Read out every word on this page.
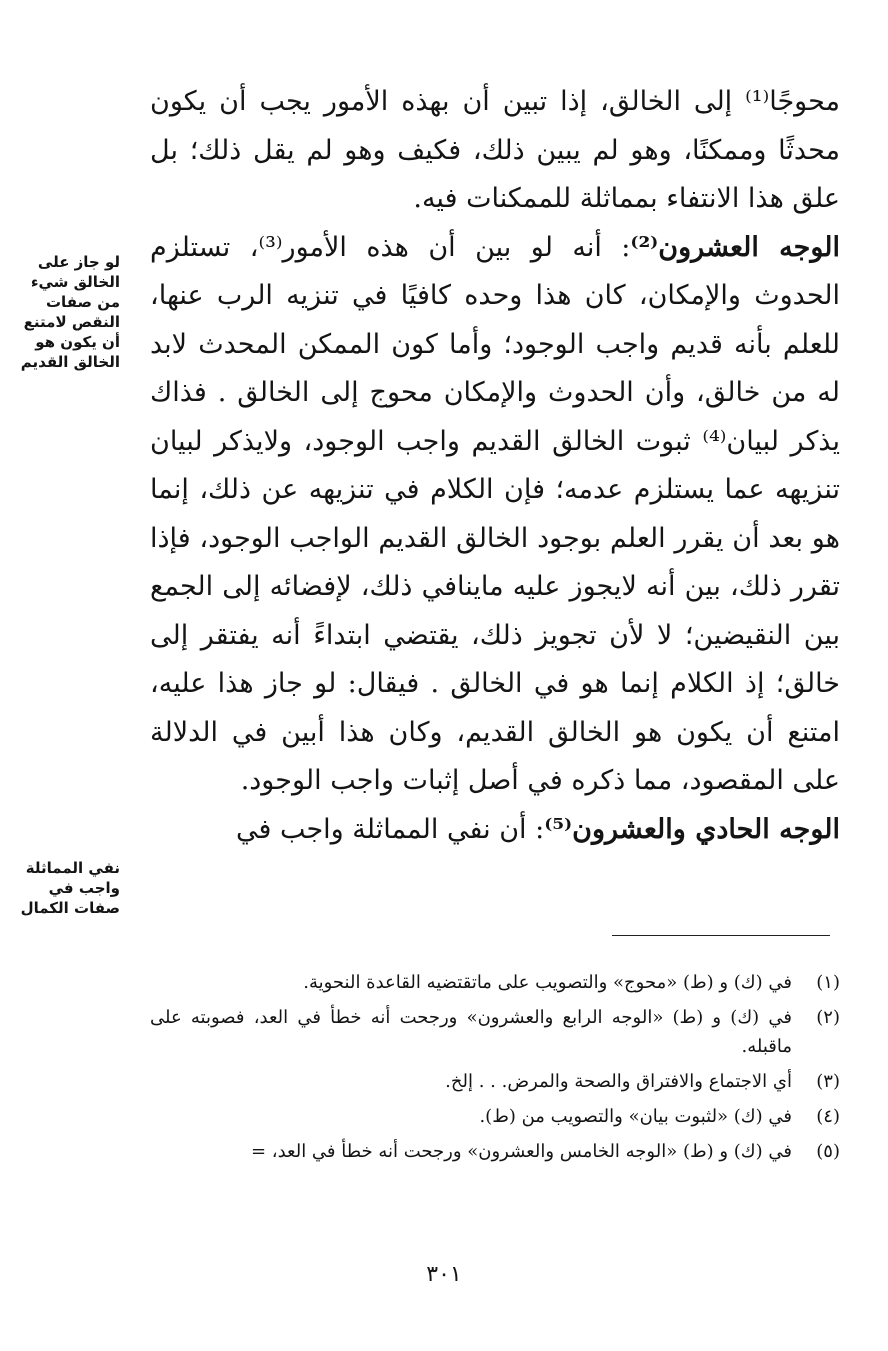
محوجًا⁽¹⁾ إلى الخالق، إذا تبين أن بهذه الأمور يجب أن يكون محدثًا وممكنًا، وهو لم يبين ذلك، فكيف وهو لم يقل ذلك؛ بل علق هذا الانتفاء بمماثلة للممكنات فيه.

الوجه العشرون⁽²⁾: أنه لو بين أن هذه الأمور⁽³⁾، تستلزم الحدوث والإمكان، كان هذا وحده كافيًا في تنزيه الرب عنها، للعلم بأنه قديم واجب الوجود؛ وأما كون الممكن المحدث لابد له من خالق، وأن الحدوث والإمكان محوج إلى الخالق . فذاك يذكر لبيان⁽⁴⁾ ثبوت الخالق القديم واجب الوجود، ولايذكر لبيان تنزيهه عما يستلزم عدمه؛ فإن الكلام في تنزيهه عن ذلك، إنما هو بعد أن يقرر العلم بوجود الخالق القديم الواجب الوجود، فإذا تقرر ذلك، بين أنه لايجوز عليه ماينافي ذلك، لإفضائه إلى الجمع بين النقيضين؛ لا لأن تجويز ذلك، يقتضي ابتداءً أنه يفتقر إلى خالق؛ إذ الكلام إنما هو في الخالق . فيقال: لو جاز هذا عليه، امتنع أن يكون هو الخالق القديم، وكان هذا أبين في الدلالة على المقصود، مما ذكره في أصل إثبات واجب الوجود.

الوجه الحادي والعشرون⁽⁵⁾: أن نفي المماثلة واجب في

لو جاز على الخالق شيء من صفات النقص لامتنع أن يكون هو الخالق القديم
نفي المماثلة واجب في صفات الكمال
(١)
في (ك) و (ط) «محوج» والتصويب على ماتقتضيه القاعدة النحوية.
(٢)
في (ك) و (ط) «الوجه الرابع والعشرون» ورجحت أنه خطأ في العد، فصوبته على ماقبله.
(٣)
أي الاجتماع والافتراق والصحة والمرض. . . إلخ.
(٤)
في (ك) «لثبوت بيان» والتصويب من (ط).
(٥)
في (ك) و (ط) «الوجه الخامس والعشرون» ورجحت أنه خطأ في العد، =
٣٠١
